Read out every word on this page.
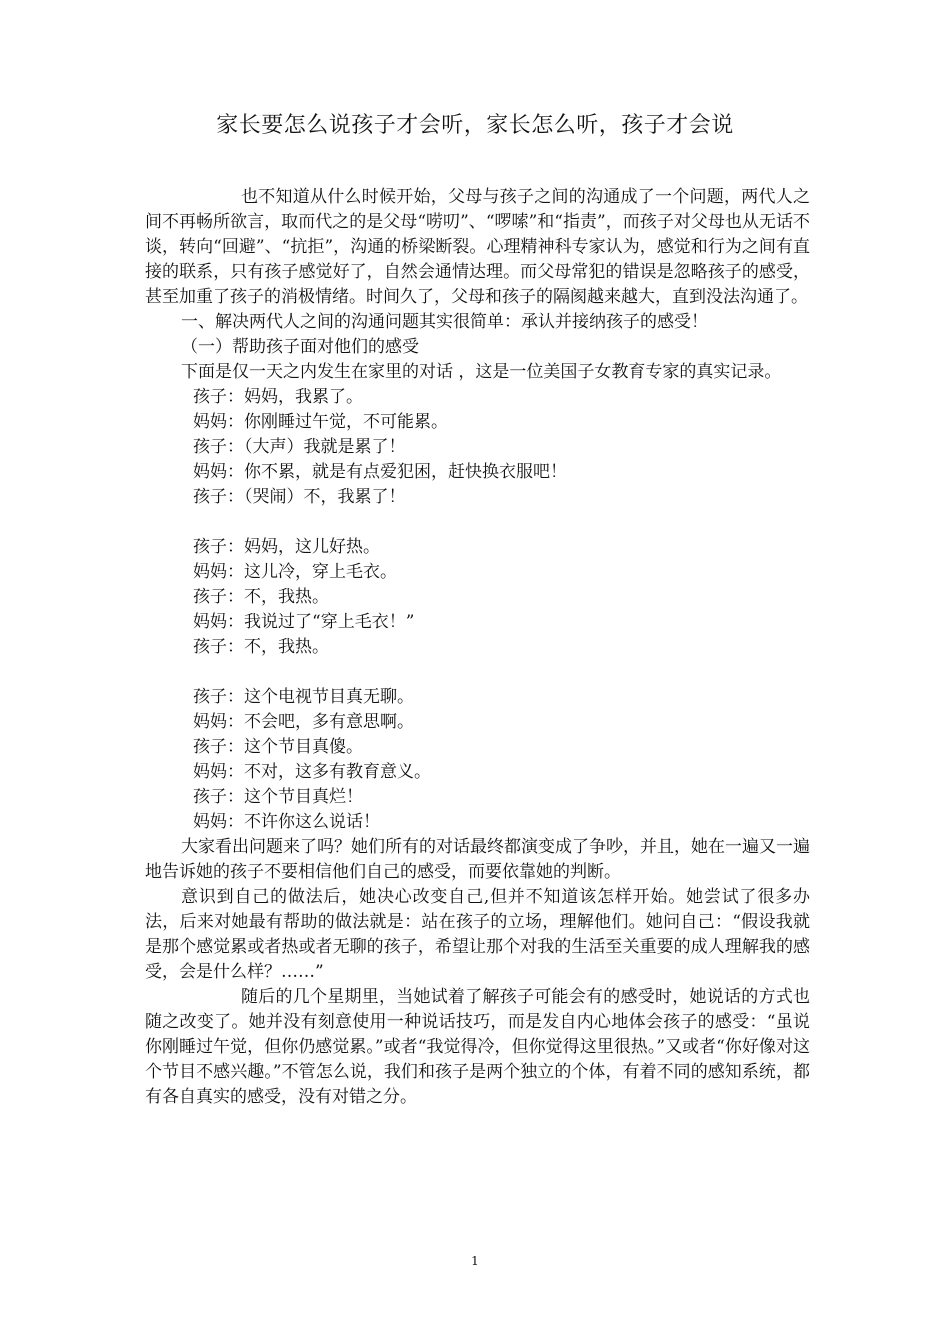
家长要怎么说孩子才会听，家长怎么听，孩子才会说

也不知道从什么时候开始，父母与孩子之间的沟通成了一个问题，两代人之间不再畅所欲言，取而代之的是父母“唠叨”、“啰嗦”和“指责”，而孩子对父母也从无话不谈，转向“回避”、“抗拒”，沟通的桥梁断裂。心理精神科专家认为，感觉和行为之间有直接的联系，只有孩子感觉好了，自然会通情达理。而父母常犯的错误是忽略孩子的感受，甚至加重了孩子的消极情绪。时间久了，父母和孩子的隔阂越来越大，直到没法沟通了。

一、解决两代人之间的沟通问题其实很简单：承认并接纳孩子的感受！

（一）帮助孩子面对他们的感受

下面是仅一天之内发生在家里的对话 ，这是一位美国子女教育专家的真实记录。

孩子：妈妈，我累了。
妈妈：你刚睡过午觉，不可能累。
孩子：（大声）我就是累了！
妈妈：你不累，就是有点爱犯困，赶快换衣服吧！
孩子：（哭闹）不，我累了！
孩子：妈妈，这儿好热。
妈妈：这儿冷，穿上毛衣。
孩子：不，我热。
妈妈：我说过了“穿上毛衣！”
孩子：不，我热。
孩子：这个电视节目真无聊。
妈妈：不会吧，多有意思啊。
孩子：这个节目真傻。
妈妈：不对，这多有教育意义。
孩子：这个节目真烂！
妈妈：不许你这么说话！

大家看出问题来了吗？她们所有的对话最终都演变成了争吵，并且，她在一遍又一遍地告诉她的孩子不要相信他们自己的感受，而要依靠她的判断。

意识到自己的做法后，她决心改变自己,但并不知道该怎样开始。她尝试了很多办法，后来对她最有帮助的做法就是：站在孩子的立场，理解他们。她问自己：“假设我就是那个感觉累或者热或者无聊的孩子，希望让那个对我的生活至关重要的成人理解我的感受，会是什么样？……”

随后的几个星期里，当她试着了解孩子可能会有的感受时，她说话的方式也随之改变了。她并没有刻意使用一种说话技巧，而是发自内心地体会孩子的感受：“虽说你刚睡过午觉，但你仍感觉累。”或者“我觉得冷，但你觉得这里很热。”又或者“你好像对这个节目不感兴趣。”不管怎么说，我们和孩子是两个独立的个体，有着不同的感知系统，都有各自真实的感受，没有对错之分。

1
